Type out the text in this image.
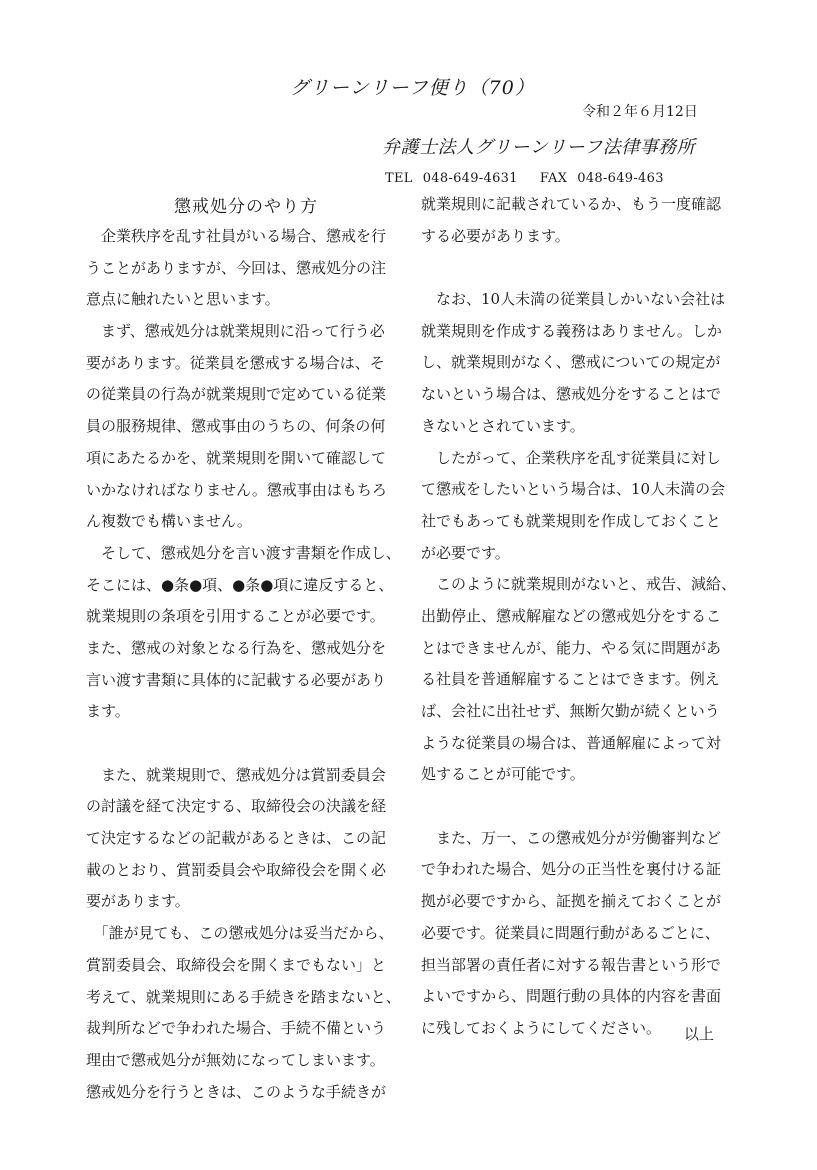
グリーンリーフ便り（70）
令和２年６月12日
弁護士法人グリーンリーフ法律事務所
TEL 048‐649‐4631 FAX 048‐649‐463
懲戒処分のやり方
　企業秩序を乱す社員がいる場合、懲戒を行
うことがありますが、今回は、懲戒処分の注
意点に触れたいと思います。
　まず、懲戒処分は就業規則に沿って行う必
要があります。従業員を懲戒する場合は、そ
の従業員の行為が就業規則で定めている従業
員の服務規律、懲戒事由のうちの、何条の何
項にあたるかを、就業規則を開いて確認して
いかなければなりません。懲戒事由はもちろ
ん複数でも構いません。
　そして、懲戒処分を言い渡す書類を作成し、
そこには、●条●項、●条●項に違反すると、
就業規則の条項を引用することが必要です。
また、懲戒の対象となる行為を、懲戒処分を
言い渡す書類に具体的に記載する必要があり
ます。
　また、就業規則で、懲戒処分は賞罰委員会
の討議を経て決定する、取締役会の決議を経
て決定するなどの記載があるときは、この記
載のとおり、賞罰委員会や取締役会を開く必
要があります。
　「誰が見ても、この懲戒処分は妥当だから、
賞罰委員会、取締役会を開くまでもない」と
考えて、就業規則にある手続きを踏まないと、
裁判所などで争われた場合、手続不備という
理由で懲戒処分が無効になってしまいます。
懲戒処分を行うときは、このような手続きが
就業規則に記載されているか、もう一度確認
する必要があります。
　なお、10人未満の従業員しかいない会社は
就業規則を作成する義務はありません。しか
し、就業規則がなく、懲戒についての規定が
ないという場合は、懲戒処分をすることはで
きないとされています。
　したがって、企業秩序を乱す従業員に対し
て懲戒をしたいという場合は、10人未満の会
社でもあっても就業規則を作成しておくこと
が必要です。
　このように就業規則がないと、戒告、減給、
出勤停止、懲戒解雇などの懲戒処分をするこ
とはできませんが、能力、やる気に問題があ
る社員を普通解雇することはできます。例え
ば、会社に出社せず、無断欠勤が続くという
ような従業員の場合は、普通解雇によって対
処することが可能です。
　また、万一、この懲戒処分が労働審判など
で争われた場合、処分の正当性を裏付ける証
拠が必要ですから、証拠を揃えておくことが
必要です。従業員に問題行動があるごとに、
担当部署の責任者に対する報告書という形で
よいですから、問題行動の具体的内容を書面
に残しておくようにしてください。	以上
